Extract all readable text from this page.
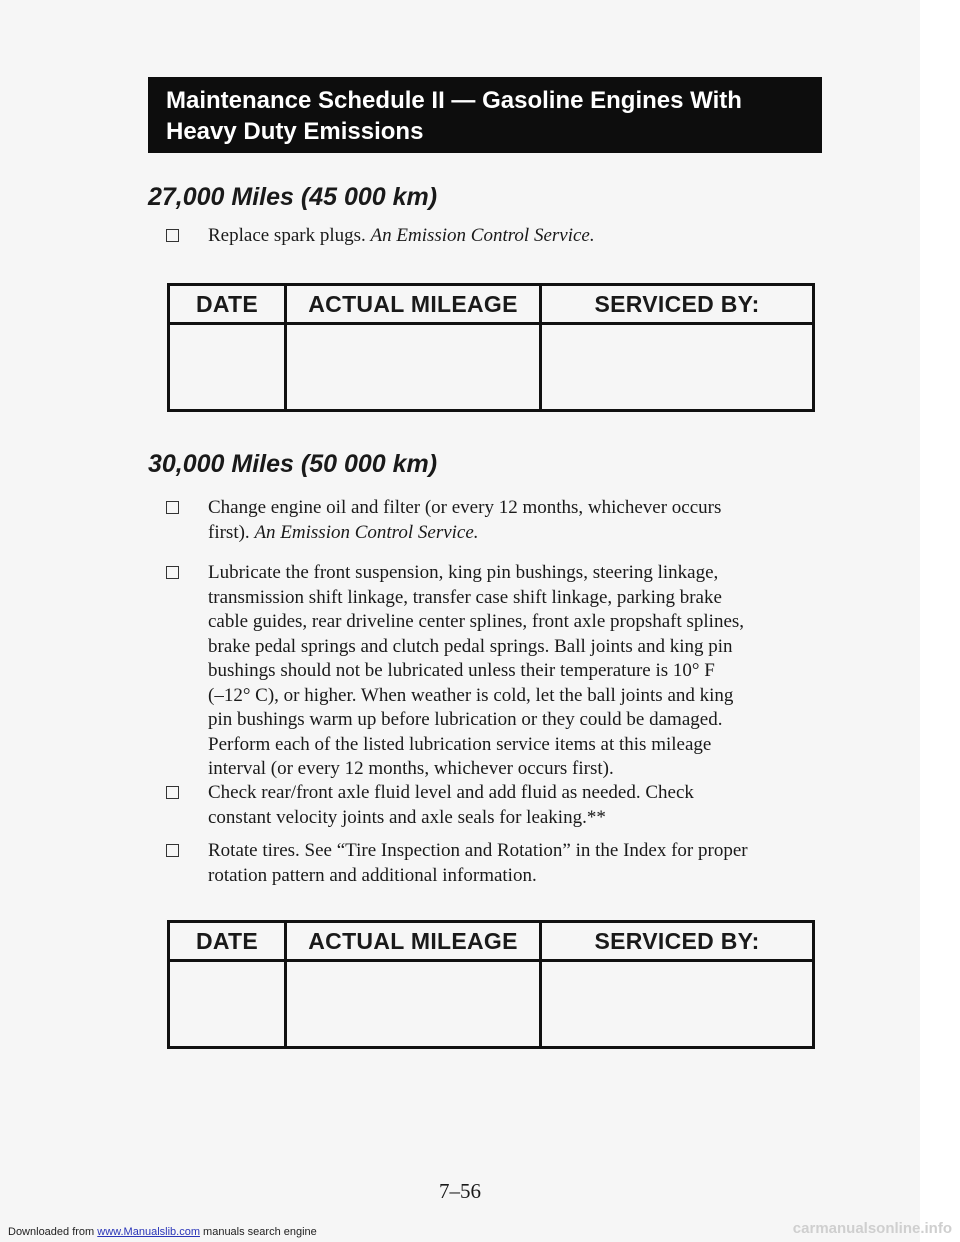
Maintenance Schedule II — Gasoline Engines With
Heavy Duty Emissions
27,000 Miles (45 000 km)
Replace spark plugs. An Emission Control Service.
DATE	ACTUAL MILEAGE	SERVICED BY:

30,000 Miles (50 000 km)
Change engine oil and filter (or every 12 months, whichever occurs
first). An Emission Control Service.
Lubricate the front suspension, king pin bushings, steering linkage,
transmission shift linkage, transfer case shift linkage, parking brake
cable guides, rear driveline center splines, front axle propshaft splines,
brake pedal springs and clutch pedal springs. Ball joints and king pin
bushings should not be lubricated unless their temperature is 10° F
(–12° C), or higher. When weather is cold, let the ball joints and king
pin bushings warm up before lubrication or they could be damaged.
Perform each of the listed lubrication service items at this mileage
interval (or every 12 months, whichever occurs first).
Check rear/front axle fluid level and add fluid as needed. Check
constant velocity joints and axle seals for leaking.**
Rotate tires. See “Tire Inspection and Rotation” in the Index for proper
rotation pattern and additional information.
DATE	ACTUAL MILEAGE	SERVICED BY:

7–56
Downloaded from www.Manualslib.com manuals search engine	carmanualsonline.info
